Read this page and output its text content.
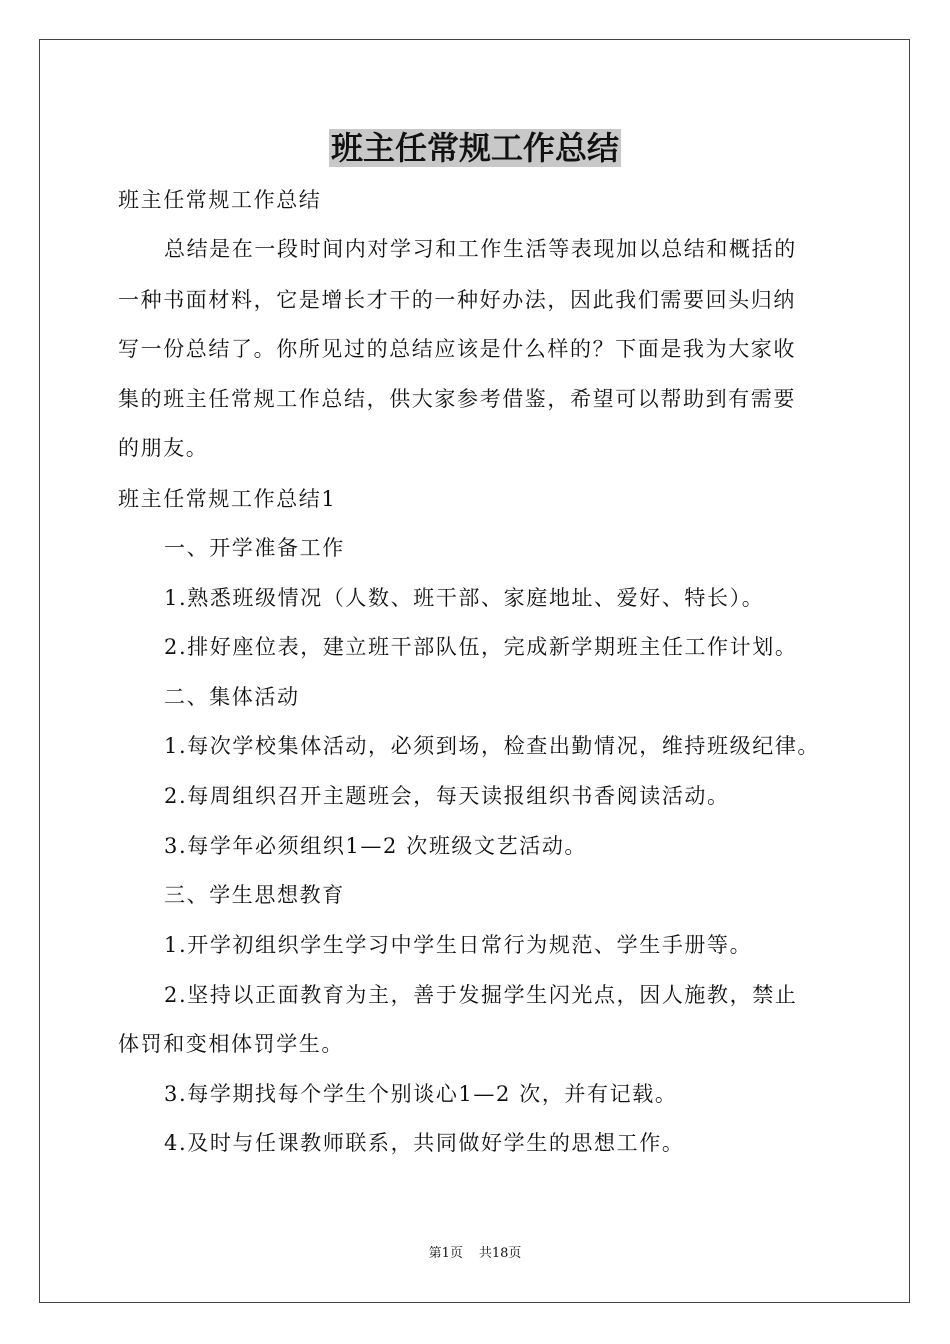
班主任常规工作总结
班主任常规工作总结
总结是在一段时间内对学习和工作生活等表现加以总结和概括的
一种书面材料，它是增长才干的一种好办法，因此我们需要回头归纳
写一份总结了。你所见过的总结应该是什么样的？下面是我为大家收
集的班主任常规工作总结，供大家参考借鉴，希望可以帮助到有需要
的朋友。
班主任常规工作总结1
一、开学准备工作
1.熟悉班级情况（人数、班干部、家庭地址、爱好、特长）。
2.排好座位表，建立班干部队伍，完成新学期班主任工作计划。
二、集体活动
1.每次学校集体活动，必须到场，检查出勤情况，维持班级纪律。
2.每周组织召开主题班会，每天读报组织书香阅读活动。
3.每学年必须组织1—2 次班级文艺活动。
三、学生思想教育
1.开学初组织学生学习中学生日常行为规范、学生手册等。
2.坚持以正面教育为主，善于发掘学生闪光点，因人施教，禁止
体罚和变相体罚学生。
3.每学期找每个学生个别谈心1—2 次，并有记载。
4.及时与任课教师联系，共同做好学生的思想工作。
第1页 共18页
